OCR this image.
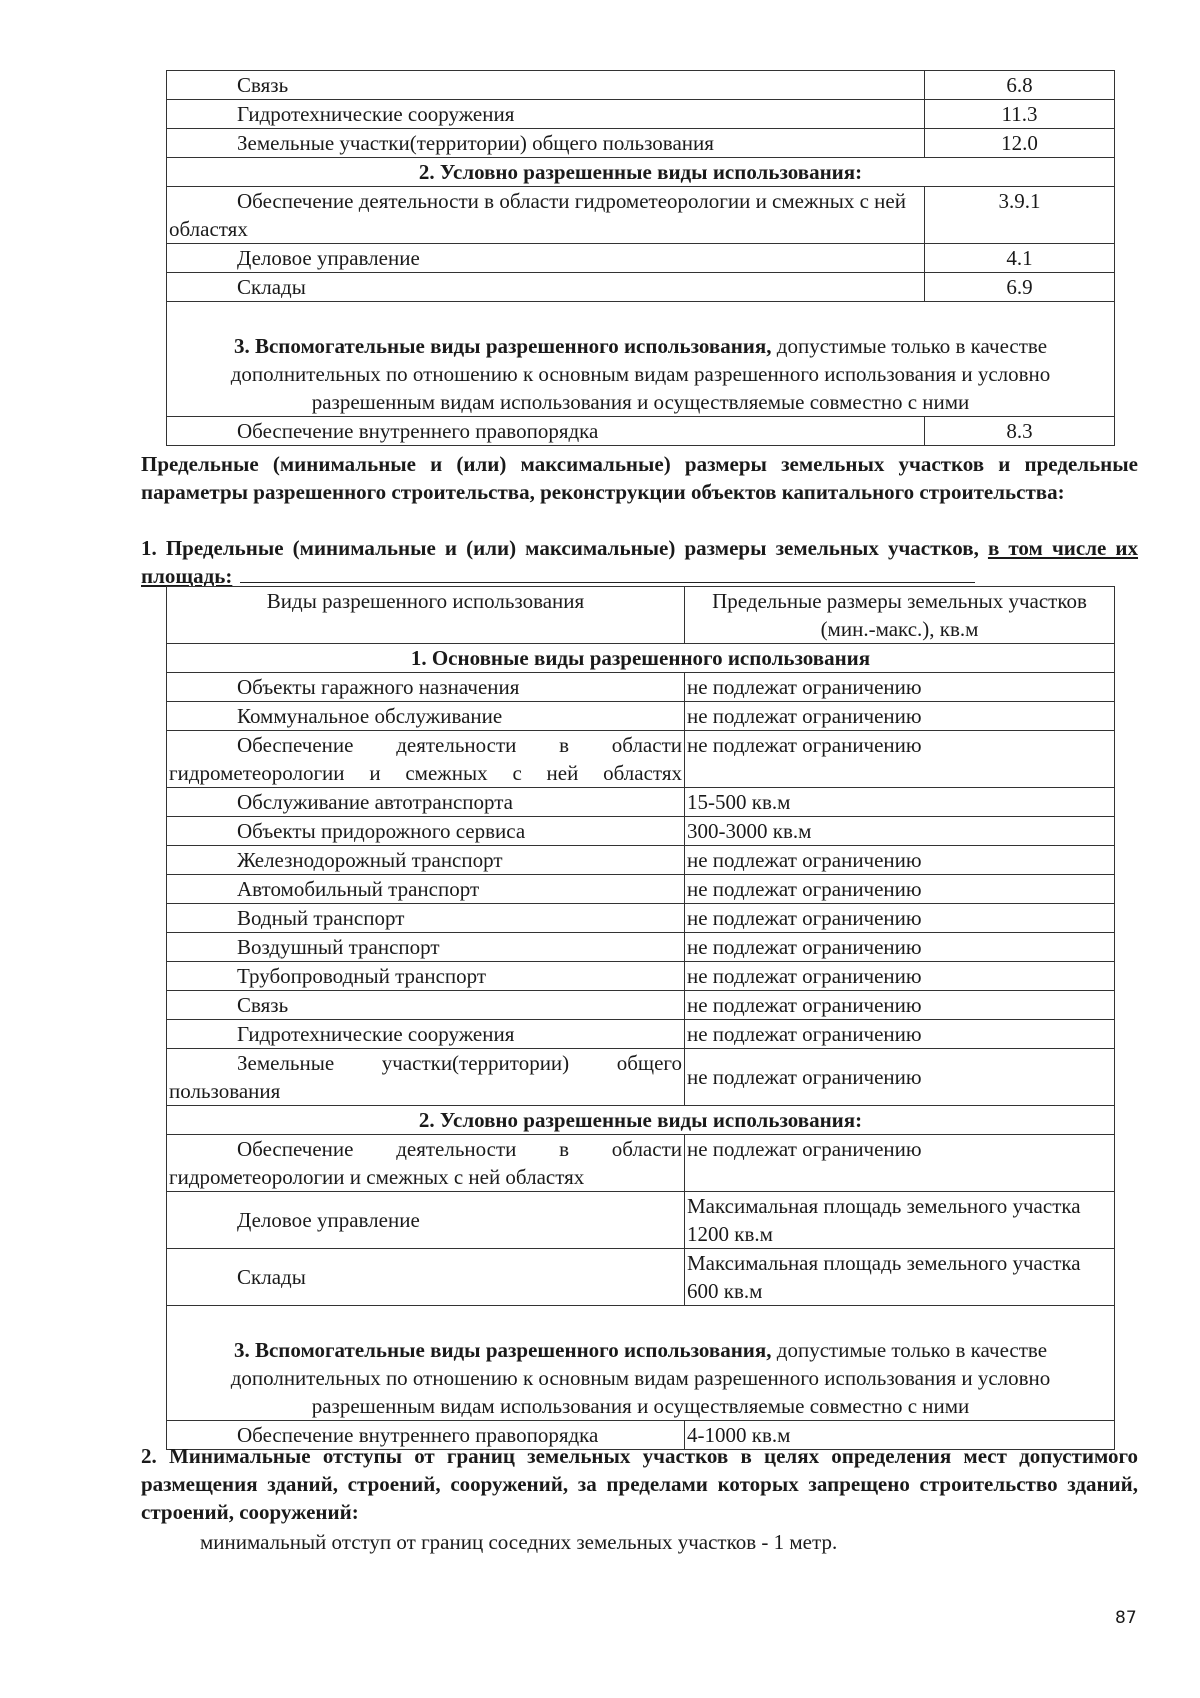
Связь	6.8
Гидротехнические сооружения	11.3
Земельные участки(территории) общего пользования	12.0
2. Условно разрешенные виды использования:	
Обеспечение деятельности в области гидрометеорологии и смежных с ней областях	3.9.1
Деловое управление	4.1
Склады	6.9
3. Вспомогательные виды разрешенного использования, допустимые только в качестве дополнительных по отношению к основным видам разрешенного использования и условно разрешенным видам использования и осуществляемые совместно с ними	
Обеспечение внутреннего правопорядка	8.3
Предельные (минимальные и (или) максимальные) размеры земельных участков и предельные параметры разрешенного строительства, реконструкции объектов капитального строительства:
1. Предельные (минимальные и (или) максимальные) размеры земельных участков, в том числе их площадь:
Виды разрешенного использования	Предельные размеры земельных участков (мин.-макс.), кв.м
1. Основные виды разрешенного использования	
Объекты гаражного назначения	не подлежат ограничению
Коммунальное обслуживание	не подлежат ограничению
Обеспечение деятельности в области гидрометеорологии и смежных с ней областях	не подлежат ограничению
Обслуживание автотранспорта	15-500 кв.м
Объекты придорожного сервиса	300-3000 кв.м
Железнодорожный транспорт	не подлежат ограничению
Автомобильный транспорт	не подлежат ограничению
Водный транспорт	не подлежат ограничению
Воздушный транспорт	не подлежат ограничению
Трубопроводный транспорт	не подлежат ограничению
Связь	не подлежат ограничению
Гидротехнические сооружения	не подлежат ограничению
Земельные участки(территории) общего пользования	не подлежат ограничению
2. Условно разрешенные виды использования:	
Обеспечение деятельности в области гидрометеорологии и смежных с ней областях	не подлежат ограничению
Деловое управление	Максимальная площадь земельного участка 1200 кв.м
Склады	Максимальная площадь земельного участка 600 кв.м
3. Вспомогательные виды разрешенного использования, допустимые только в качестве дополнительных по отношению к основным видам разрешенного использования и условно разрешенным видам использования и осуществляемые совместно с ними	
Обеспечение внутреннего правопорядка	4-1000 кв.м
2. Минимальные отступы от границ земельных участков в целях определения мест допустимого размещения зданий, строений, сооружений, за пределами которых запрещено строительство зданий, строений, сооружений:
минимальный отступ от границ соседних земельных участков - 1 метр.
87
